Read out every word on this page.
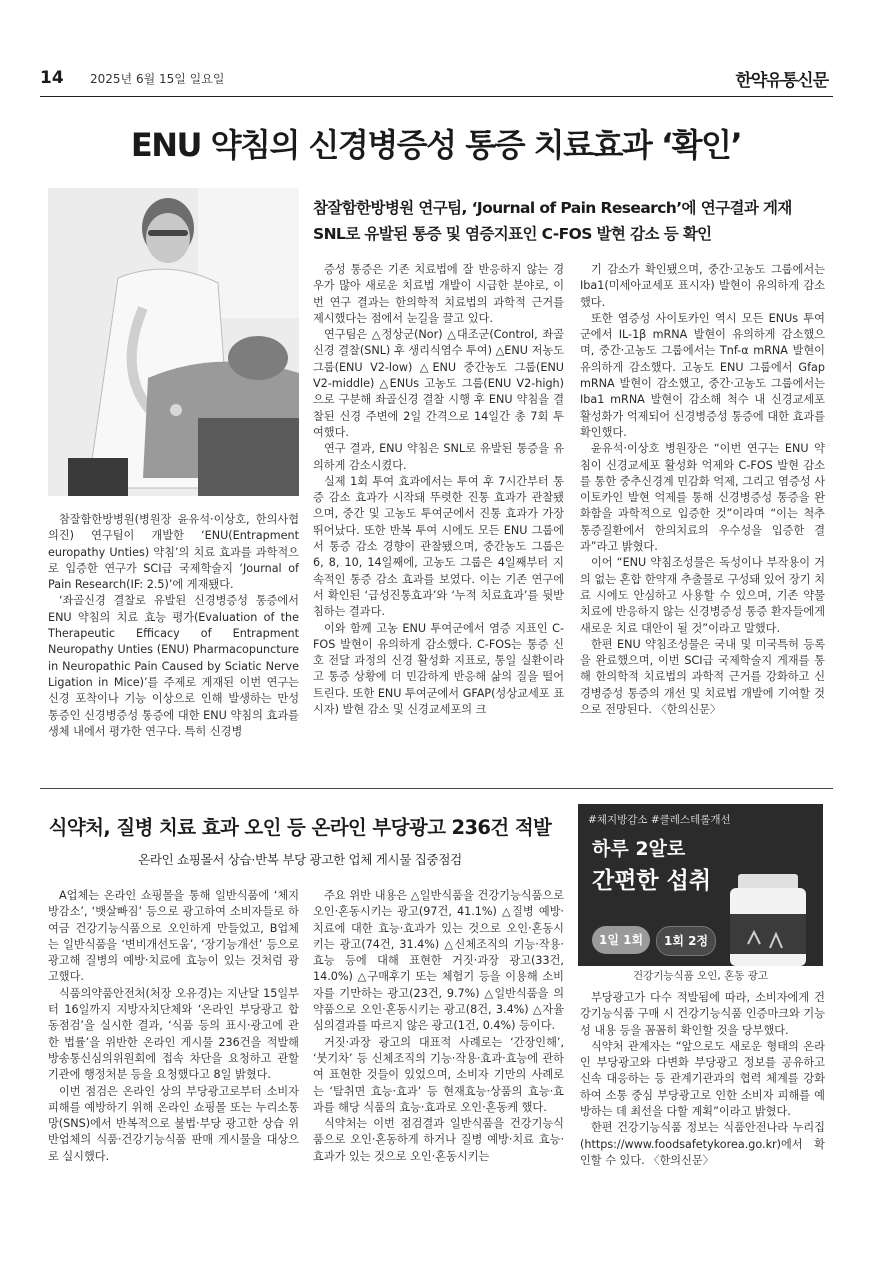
14 2025년 6월 15일 일요일	한약유통신문
ENU 약침의 신경병증성 통증 치료효과 ‘확인’
참잘함한방병원 연구팀, ‘Journal of Pain Research’에 연구결과 게재
SNL로 유발된 통증 및 염증지표인 C-FOS 발현 감소 등 확인

참잘함한방병원(병원장 윤유석·이상호, 한의사협의진) 연구팀이 개발한 ‘ENU(Entrapment europathy Unties) 약침’의 치료 효과를 과학적으로 입증한 연구가 SCI급 국제학술지 ‘Journal of Pain Research(IF: 2.5)’에 게재됐다.

‘좌골신경 결찰로 유발된 신경병증성 통증에서 ENU 약침의 치료 효능 평가(Evaluation of the Therapeutic Efficacy of Entrapment Neuropathy Unties (ENU) Pharmacopuncture in Neuropathic Pain Caused by Sciatic Nerve Ligation in Mice)’를 주제로 게재된 이번 연구는 신경 포착이나 기능 이상으로 인해 발생하는 만성 통증인 신경병증성 통증에 대한 ENU 약침의 효과를 생체 내에서 평가한 연구다. 특히 신경병

증성 통증은 기존 치료법에 잘 반응하지 않는 경우가 많아 새로운 치료법 개발이 시급한 분야로, 이번 연구 결과는 한의학적 치료법의 과학적 근거를 제시했다는 점에서 눈길을 끌고 있다.

연구팀은 △정상군(Nor) △대조군(Control, 좌골신경 결찰(SNL) 후 생리식염수 투여) △ENU 저농도 그룹(ENU V2-low) △ENU 중간농도 그룹(ENU V2-middle) △ENUs 고농도 그룹(ENU V2-high)으로 구분해 좌골신경 결찰 시행 후 ENU 약침을 결찰된 신경 주변에 2일 간격으로 14일간 총 7회 투여했다.

연구 결과, ENU 약침은 SNL로 유발된 통증을 유의하게 감소시켰다.

실제 1회 투여 효과에서는 투여 후 7시간부터 통증 감소 효과가 시작돼 뚜렷한 진통 효과가 관찰됐으며, 중간 및 고농도 투여군에서 진통 효과가 가장 뛰어났다. 또한 반복 투여 시에도 모든 ENU 그룹에서 통증 감소 경향이 관찰됐으며, 중간농도 그룹은 6, 8, 10, 14일째에, 고농도 그룹은 4일째부터 지속적인 통증 감소 효과를 보였다. 이는 기존 연구에서 확인된 ‘급성진통효과’와 ‘누적 치료효과’를 뒷받침하는 결과다.

이와 함께 고농 ENU 투여군에서 염증 지표인 C-FOS 발현이 유의하게 감소했다. C-FOS는 통증 신호 전달 과정의 신경 활성화 지표로, 통일 실환이라고 통증 상황에 더 민감하게 반응해 삶의 질을 떨어트린다. 또한 ENU 투여군에서 GFAP(성상교세포 표시자) 발현 감소 및 신경교세포의 크

기 감소가 확인됐으며, 중간·고농도 그룹에서는 Iba1(미세아교세포 표시자) 발현이 유의하게 감소했다.

또한 염증성 사이토카인 역시 모든 ENUs 투여군에서 IL-1β mRNA 발현이 유의하게 감소했으며, 중간·고농도 그룹에서는 Tnf-α mRNA 발현이 유의하게 감소했다. 고농도 ENU 그룹에서 Gfap mRNA 발현이 감소했고, 중간·고농도 그룹에서는 Iba1 mRNA 발현이 감소해 척수 내 신경교세포 활성화가 억제되어 신경병증성 통증에 대한 효과를 확인했다.

윤유석·이상호 병원장은 “이번 연구는 ENU 약침이 신경교세포 활성화 억제와 C-FOS 발현 감소를 통한 중추신경계 민감화 억제, 그리고 염증성 사이토카인 발현 억제를 통해 신경병증성 통증을 완화함을 과학적으로 입증한 것”이라며 “이는 척추 통증질환에서 한의치료의 우수성을 입증한 결과”라고 밝혔다.

이어 “ENU 약침조성물은 독성이나 부작용이 거의 없는 혼합 한약재 추출물로 구성돼 있어 장기 치료 시에도 안심하고 사용할 수 있으며, 기존 약물 치료에 반응하지 않는 신경병증성 통증 환자들에게 새로운 치료 대안이 될 것”이라고 말했다.

한편 ENU 약침조성물은 국내 및 미국특허 등록을 완료했으며, 이번 SCI급 국제학술지 게재를 통해 한의학적 치료법의 과학적 근거를 강화하고 신경병증성 통증의 개선 및 치료법 개발에 기여할 것으로 전망된다. 〈한의신문〉

식약처, 질병 치료 효과 오인 등 온라인 부당광고 236건 적발
온라인 쇼핑몰서 상습·반복 부당 광고한 업체 게시물 집중점검

A업체는 온라인 쇼핑몰을 통해 일반식품에 ‘체지방감소’, ‘뱃살빠짐’ 등으로 광고하여 소비자들로 하여금 건강기능식품으로 오인하게 만들었고, B업체는 일반식품을 ‘변비개선도움’, ‘장기능개선’ 등으로 광고해 질병의 예방·치료에 효능이 있는 것처럼 광고했다.

식품의약품안전처(처장 오유경)는 지난달 15일부터 16일까지 지방자치단체와 ‘온라인 부당광고 합동점검’을 실시한 결과, ‘식품 등의 표시·광고에 관한 법률’을 위반한 온라인 게시물 236건을 적발해 방송통신심의위원회에 접속 차단을 요청하고 관할 기관에 행정처분 등을 요청했다고 8일 밝혔다.

이번 점검은 온라인 상의 부당광고로부터 소비자 피해를 예방하기 위해 온라인 쇼핑몰 또는 누리소통망(SNS)에서 반복적으로 불법·부당 광고한 상습 위반업체의 식품·건강기능식품 판매 게시물을 대상으로 실시했다.

주요 위반 내용은 △일반식품을 건강기능식품으로 오인·혼동시키는 광고(97건, 41.1%) △질병 예방·치료에 대한 효능·효과가 있는 것으로 오인·혼동시키는 광고(74건, 31.4%) △신체조직의 기능·작용·효능 등에 대해 표현한 거짓·과장 광고(33건, 14.0%) △구매후기 또는 체험기 등을 이용해 소비자를 기만하는 광고(23건, 9.7%) △일반식품을 의약품으로 오인·혼동시키는 광고(8건, 3.4%) △자율심의결과를 따르지 않은 광고(1건, 0.4%) 등이다.

거짓·과장 광고의 대표적 사례로는 ‘간장인해’, ‘붓기차’ 등 신체조직의 기능·작용·효과·효능에 관하여 표현한 것들이 있었으며, 소비자 기만의 사례로는 ‘탈취면 효능·효과’ 등 현재효능·상품의 효능·효과를 해당 식품의 효능·효과로 오인·혼동케 했다.

식약처는 이번 점검결과 일반식품을 건강기능식품으로 오인·혼동하게 하거나 질병 예방·치료 효능·효과가 있는 것으로 오인·혼동시키는

#체지방감소 #클레스테롤개선
하루 2알로
간편한 섭취
1일 1회	1회 2정
건강기능식품 오인, 혼동 광고

부당광고가 다수 적발됨에 따라, 소비자에게 건강기능식품 구매 시 건강기능식품 인증마크와 기능성 내용 등을 꼼꼼히 확인할 것을 당부했다.

식약처 관계자는 “앞으로도 새로운 형태의 온라인 부당광고와 다변화 부당광고 정보를 공유하고 신속 대응하는 등 관계기관과의 협력 체계를 강화하여 소통 중심 부당광고로 인한 소비자 피해를 예방하는 데 최선을 다할 계획”이라고 밝혔다.

한편 건강기능식품 정보는 식품안전나라 누리집(https://www.foodsafetykorea.go.kr)에서 확인할 수 있다. 〈한의신문〉
